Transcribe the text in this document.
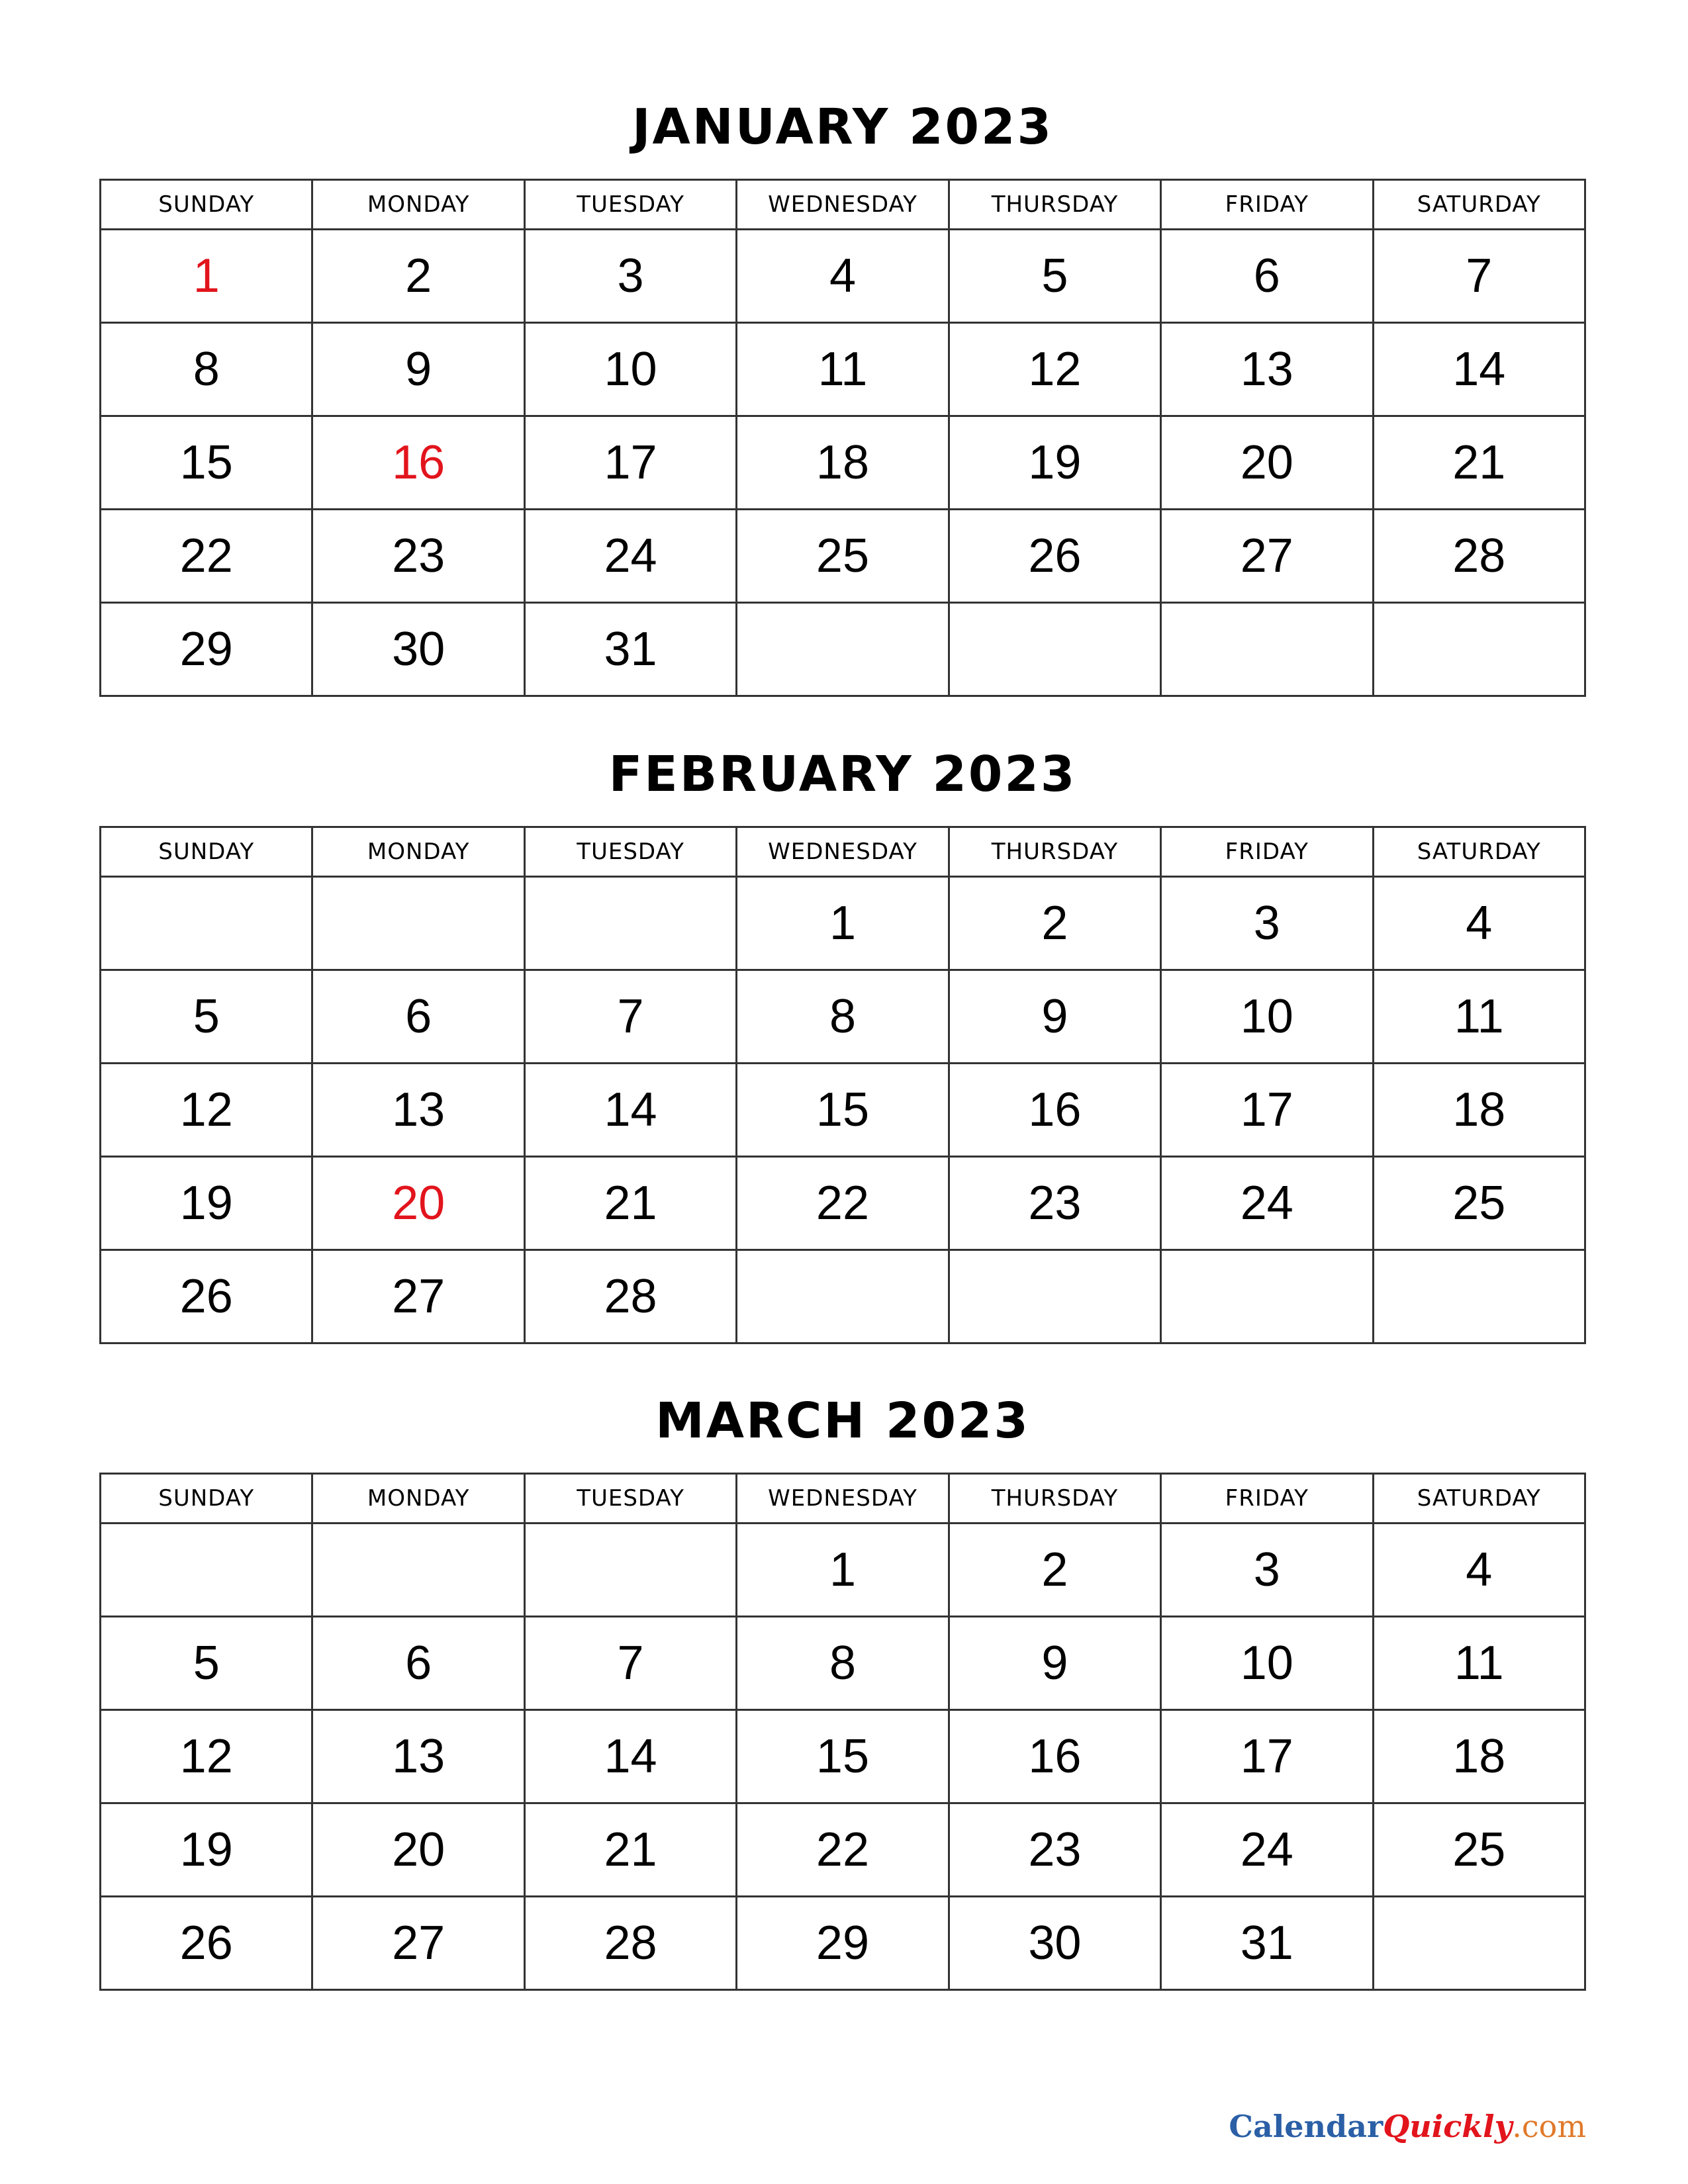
JANUARY 2023
SUNDAY	MONDAY	TUESDAY	WEDNESDAY	THURSDAY	FRIDAY	SATURDAY
1	2	3	4	5	6	7
8	9	10	11	12	13	14
15	16	17	18	19	20	21
22	23	24	25	26	27	28
29	30	31				
FEBRUARY 2023
SUNDAY	MONDAY	TUESDAY	WEDNESDAY	THURSDAY	FRIDAY	SATURDAY
			1	2	3	4
5	6	7	8	9	10	11
12	13	14	15	16	17	18
19	20	21	22	23	24	25
26	27	28				
MARCH 2023
SUNDAY	MONDAY	TUESDAY	WEDNESDAY	THURSDAY	FRIDAY	SATURDAY
			1	2	3	4
5	6	7	8	9	10	11
12	13	14	15	16	17	18
19	20	21	22	23	24	25
26	27	28	29	30	31	
CalendarQuickly.com
